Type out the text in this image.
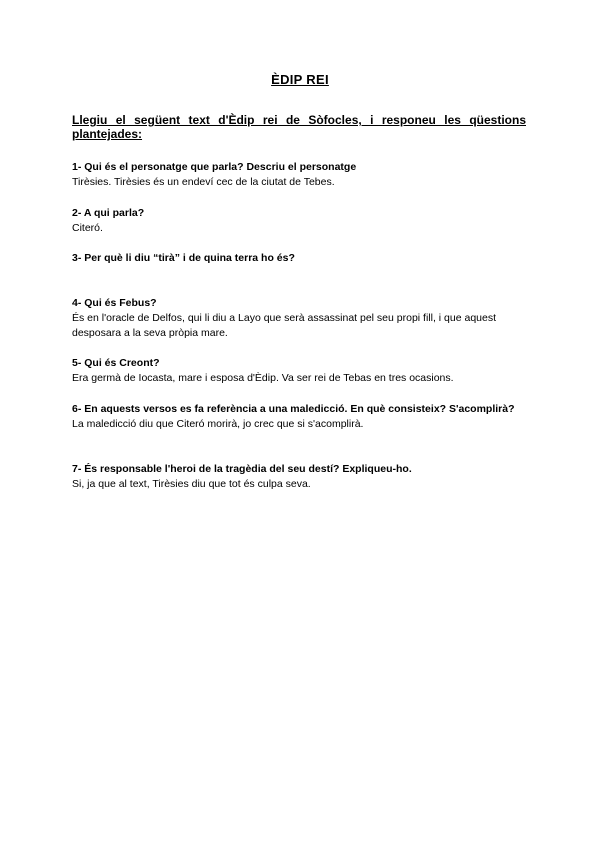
ÈDIP REI
Llegiu el següent text d'Èdip rei de Sòfocles, i responeu les qüestions plantejades:
1- Qui és el personatge que parla? Descriu el personatge
Tirèsies. Tirèsies és un endeví cec de la ciutat de Tebes.
2- A qui parla?
Citeró.
3- Per què li diu “tirà” i de quina terra ho és?
4- Qui és Febus?
És en l'oracle de Delfos, qui li diu a Layo que serà assassinat pel seu propi fill, i que aquest desposara a la seva pròpia mare.
5- Qui és Creont?
Era germà de Iocasta, mare i esposa d'Èdip. Va ser rei de Tebas en tres ocasions.
6- En aquests versos es fa referència a una maledicció. En què consisteix? S'acomplirà?
La maledicció diu que Citeró morirà, jo crec que si s'acomplirà.
7- És responsable l'heroi de la tragèdia del seu destí? Expliqueu-ho.
Si, ja que al text, Tirèsies diu que tot és culpa seva.
